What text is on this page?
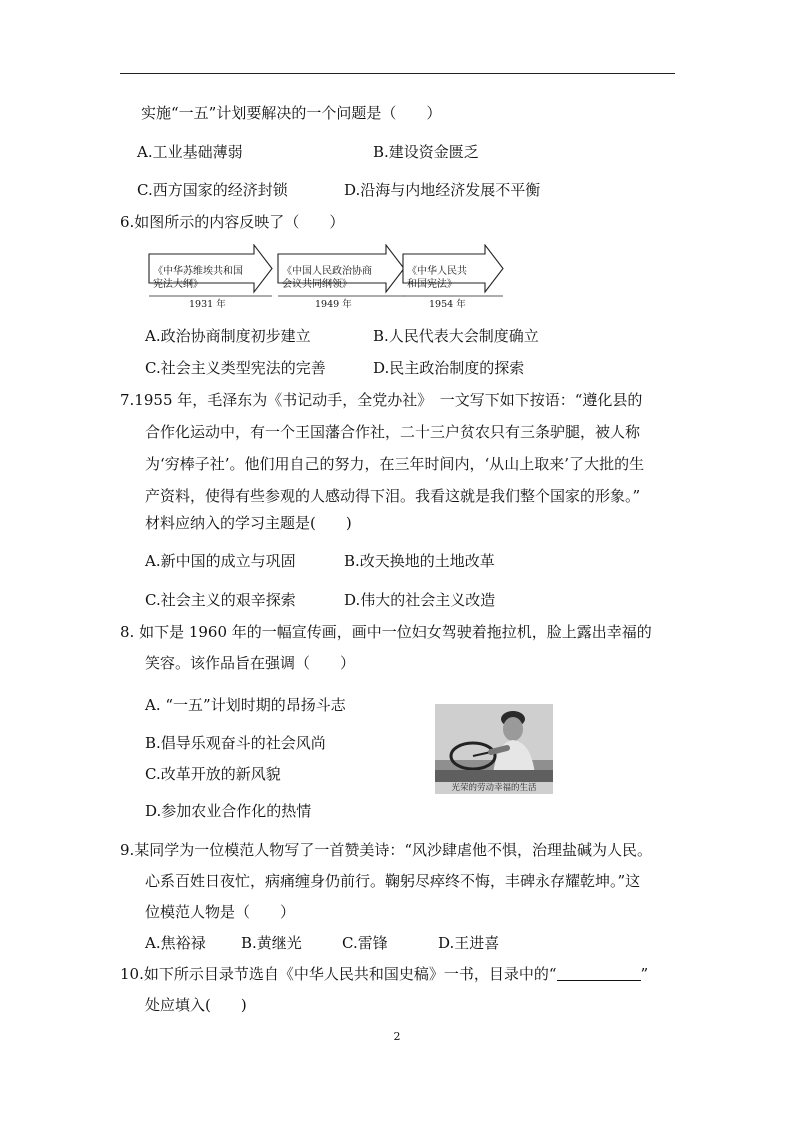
实施“一五”计划要解决的一个问题是（　　）
A.工业基础薄弱	B.建设资金匮乏
C.西方国家的经济封锁	D.沿海与内地经济发展不平衡
6.如图所示的内容反映了（　　）
《中华苏维埃共和国
宪法大纲》
1931 年
《中国人民政治协商
会议共同纲领》
1949 年
《中华人民共
和国宪法》
1954 年
A.政治协商制度初步建立	B.人民代表大会制度确立
C.社会主义类型宪法的完善	D.民主政治制度的探索
7.1955 年，毛泽东为《书记动手，全党办社》　一文写下如下按语：“遵化县的
合作化运动中，有一个王国藩合作社，二十三户贫农只有三条驴腿，被人称
为‘穷棒子社’。他们用自己的努力，在三年时间内，‘从山上取来’了大批的生
产资料，使得有些参观的人感动得下泪。我看这就是我们整个国家的形象。”
材料应纳入的学习主题是(　　)
A.新中国的成立与巩固	B.改天换地的土地改革
C.社会主义的艰辛探索	D.伟大的社会主义改造
8. 如下是 1960 年的一幅宣传画，画中一位妇女驾驶着拖拉机，脸上露出幸福的
笑容。该作品旨在强调（　　）
A. “一五”计划时期的昂扬斗志
B.倡导乐观奋斗的社会风尚
C.改革开放的新风貌
D.参加农业合作化的热情
光荣的劳动幸福的生活
9.某同学为一位模范人物写了一首赞美诗：“风沙肆虐他不惧，治理盐碱为人民。
心系百姓日夜忙，病痛缠身仍前行。鞠躬尽瘁终不悔，丰碑永存耀乾坤。”这
位模范人物是（　　）
A.焦裕禄 B.黄继光	C.雷锋	D.王进喜
10.如下所示目录节选自《中华人民共和国史稿》一书，目录中的“	”
处应填入(　　)
2
